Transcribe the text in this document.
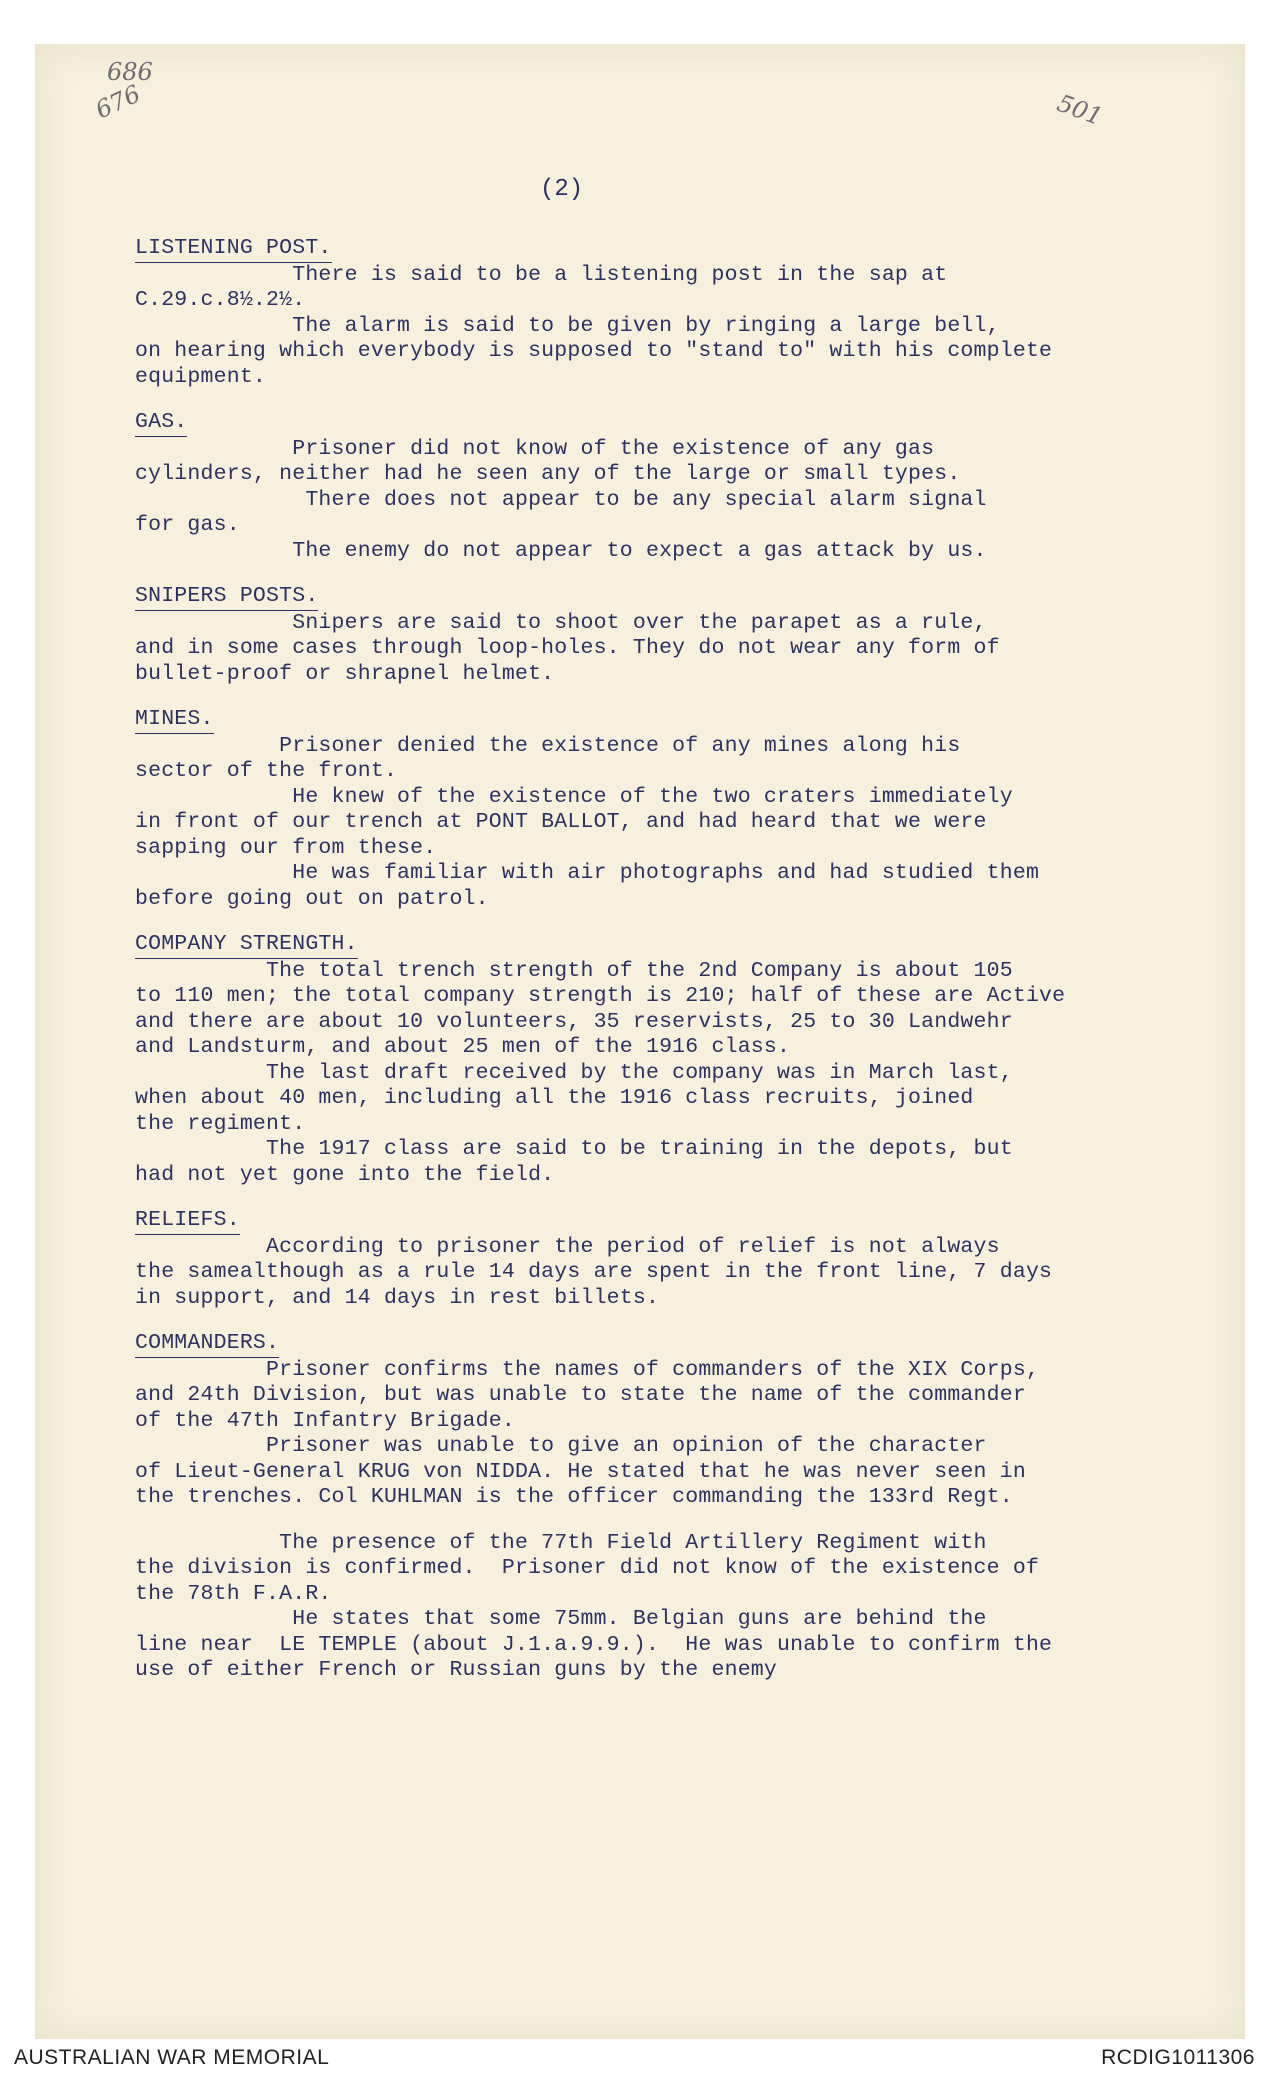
686
676	501
(2)
LISTENING POST.
There is said to be a listening post in the sap at
C.29.c.8½.2½.
The alarm is said to be given by ringing a large bell,
on hearing which everybody is supposed to "stand to" with his complete
equipment.
GAS.
Prisoner did not know of the existence of any gas
cylinders, neither had he seen any of the large or small types.
There does not appear to be any special alarm signal
for gas.
The enemy do not appear to expect a gas attack by us.
SNIPERS POSTS.
Snipers are said to shoot over the parapet as a rule,
and in some cases through loop-holes. They do not wear any form of
bullet-proof or shrapnel helmet.
MINES.
Prisoner denied the existence of any mines along his
sector of the front.
He knew of the existence of the two craters immediately
in front of our trench at PONT BALLOT, and had heard that we were
sapping our from these.
He was familiar with air photographs and had studied them
before going out on patrol.
COMPANY STRENGTH.
The total trench strength of the 2nd Company is about 105
to 110 men; the total company strength is 210; half of these are Active
and there are about 10 volunteers, 35 reservists, 25 to 30 Landwehr
and Landsturm, and about 25 men of the 1916 class.
The last draft received by the company was in March last,
when about 40 men, including all the 1916 class recruits, joined
the regiment.
The 1917 class are said to be training in the depots, but
had not yet gone into the field.
RELIEFS.
According to prisoner the period of relief is not always
the samealthough as a rule 14 days are spent in the front line, 7 days
in support, and 14 days in rest billets.
COMMANDERS.
Prisoner confirms the names of commanders of the XIX Corps,
and 24th Division, but was unable to state the name of the commander
of the 47th Infantry Brigade.
Prisoner was unable to give an opinion of the character
of Lieut-General KRUG von NIDDA. He stated that he was never seen in
the trenches. Col KUHLMAN is the officer commanding the 133rd Regt.
The presence of the 77th Field Artillery Regiment with
the division is confirmed.  Prisoner did not know of the existence of
the 78th F.A.R.
He states that some 75mm. Belgian guns are behind the
line near  LE TEMPLE (about J.1.a.9.9.).  He was unable to confirm the
use of either French or Russian guns by the enemy
AUSTRALIAN WAR MEMORIAL	RCDIG1011306
